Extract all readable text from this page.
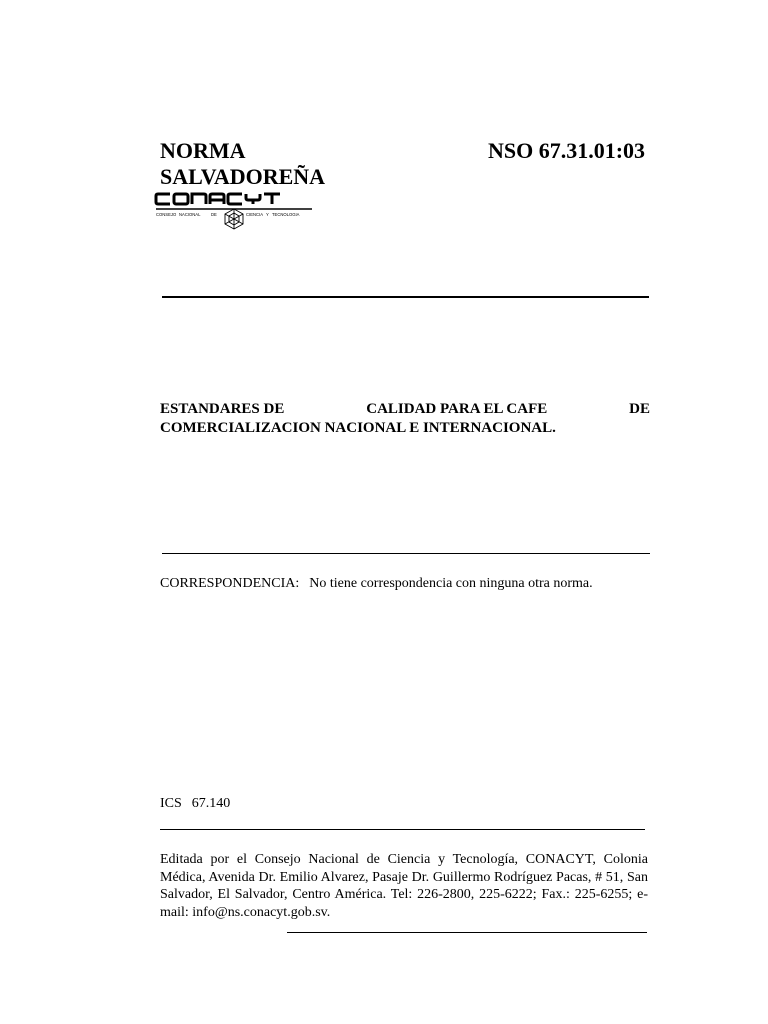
NORMA
SALVADOREÑA
NSO 67.31.01:03
CONSEJO NACIONAL	DE	CIENCIA Y TECNOLOGIA
ESTANDARES DE	CALIDAD PARA EL CAFE	DE
COMERCIALIZACION NACIONAL E INTERNACIONAL.
CORRESPONDENCIA: No tiene correspondencia con ninguna otra norma.
ICS 67.140
Editada por el Consejo Nacional de Ciencia y Tecnología, CONACYT, Colonia Médica, Avenida Dr. Emilio Alvarez, Pasaje Dr. Guillermo Rodríguez Pacas, # 51, San Salvador, El Salvador, Centro América. Tel: 226-2800, 225-6222; Fax.: 225-6255; e-mail: info@ns.conacyt.gob.sv.
